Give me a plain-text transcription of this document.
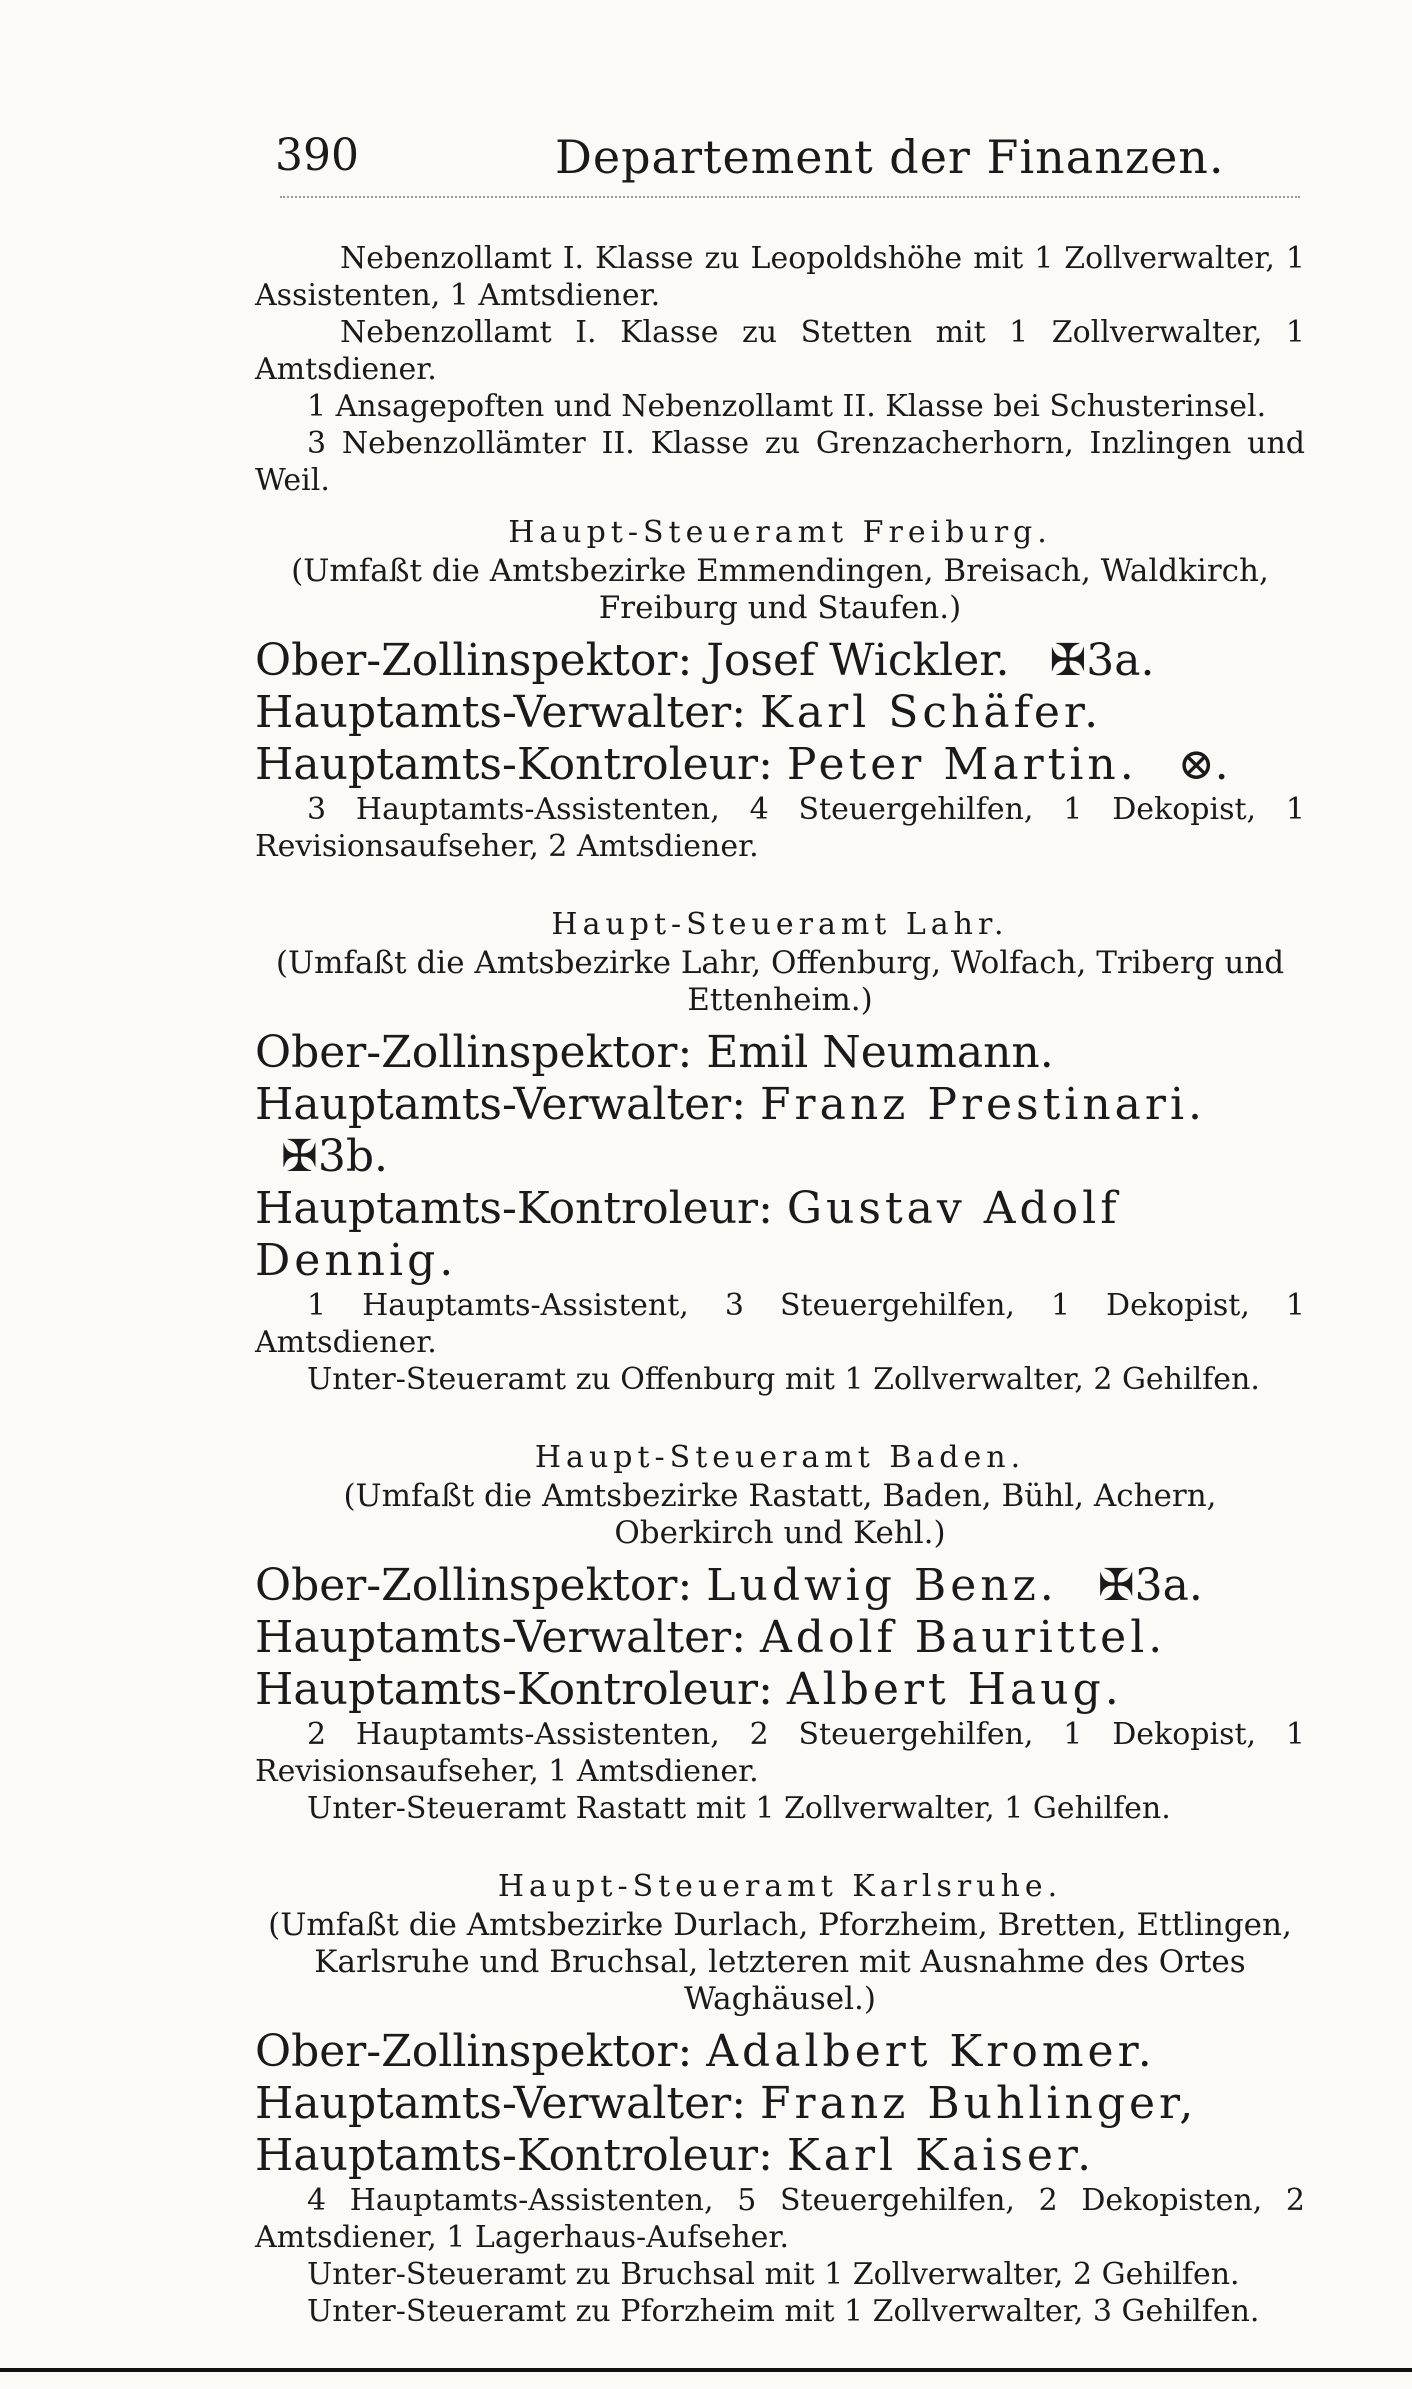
390	Departement der Finanzen.

Nebenzollamt I. Klasse zu Leopoldshöhe mit 1 Zollverwalter, 1 Assistenten, 1 Amtsdiener.

Nebenzollamt I. Klasse zu Stetten mit 1 Zollverwalter, 1 Amtsdiener.

1 Ansagepoften und Nebenzollamt II. Klasse bei Schusterinsel.

3 Nebenzollämter II. Klasse zu Grenzacherhorn, Inzlingen und Weil.

Haupt-Steueramt Freiburg.

(Umfaßt die Amtsbezirke Emmendingen, Breisach, Waldkirch, Freiburg und Staufen.)

Ober-Zollinspektor: Josef Wickler. ✠3a.

Hauptamts-Verwalter: Karl Schäfer.

Hauptamts-Kontroleur: Peter Martin. ⊗.

3 Hauptamts-Assistenten, 4 Steuergehilfen, 1 Dekopist, 1 Revisionsaufseher, 2 Amtsdiener.

Haupt-Steueramt Lahr.

(Umfaßt die Amtsbezirke Lahr, Offenburg, Wolfach, Triberg und Ettenheim.)

Ober-Zollinspektor: Emil Neumann.

Hauptamts-Verwalter: Franz Prestinari. ✠3b.

Hauptamts-Kontroleur: Gustav Adolf Dennig.

1 Hauptamts-Assistent, 3 Steuergehilfen, 1 Dekopist, 1 Amtsdiener.

Unter-Steueramt zu Offenburg mit 1 Zollverwalter, 2 Gehilfen.

Haupt-Steueramt Baden.

(Umfaßt die Amtsbezirke Rastatt, Baden, Bühl, Achern, Oberkirch und Kehl.)

Ober-Zollinspektor: Ludwig Benz. ✠3a.

Hauptamts-Verwalter: Adolf Baurittel.

Hauptamts-Kontroleur: Albert Haug.

2 Hauptamts-Assistenten, 2 Steuergehilfen, 1 Dekopist, 1 Revisionsaufseher, 1 Amtsdiener.

Unter-Steueramt Rastatt mit 1 Zollverwalter, 1 Gehilfen.

Haupt-Steueramt Karlsruhe.

(Umfaßt die Amtsbezirke Durlach, Pforzheim, Bretten, Ettlingen, Karlsruhe und Bruchsal, letzteren mit Ausnahme des Ortes Waghäusel.)

Ober-Zollinspektor: Adalbert Kromer.

Hauptamts-Verwalter: Franz Buhlinger,

Hauptamts-Kontroleur: Karl Kaiser.

4 Hauptamts-Assistenten, 5 Steuergehilfen, 2 Dekopisten, 2 Amtsdiener, 1 Lagerhaus-Aufseher.

Unter-Steueramt zu Bruchsal mit 1 Zollverwalter, 2 Gehilfen.

Unter-Steueramt zu Pforzheim mit 1 Zollverwalter, 3 Gehilfen.
